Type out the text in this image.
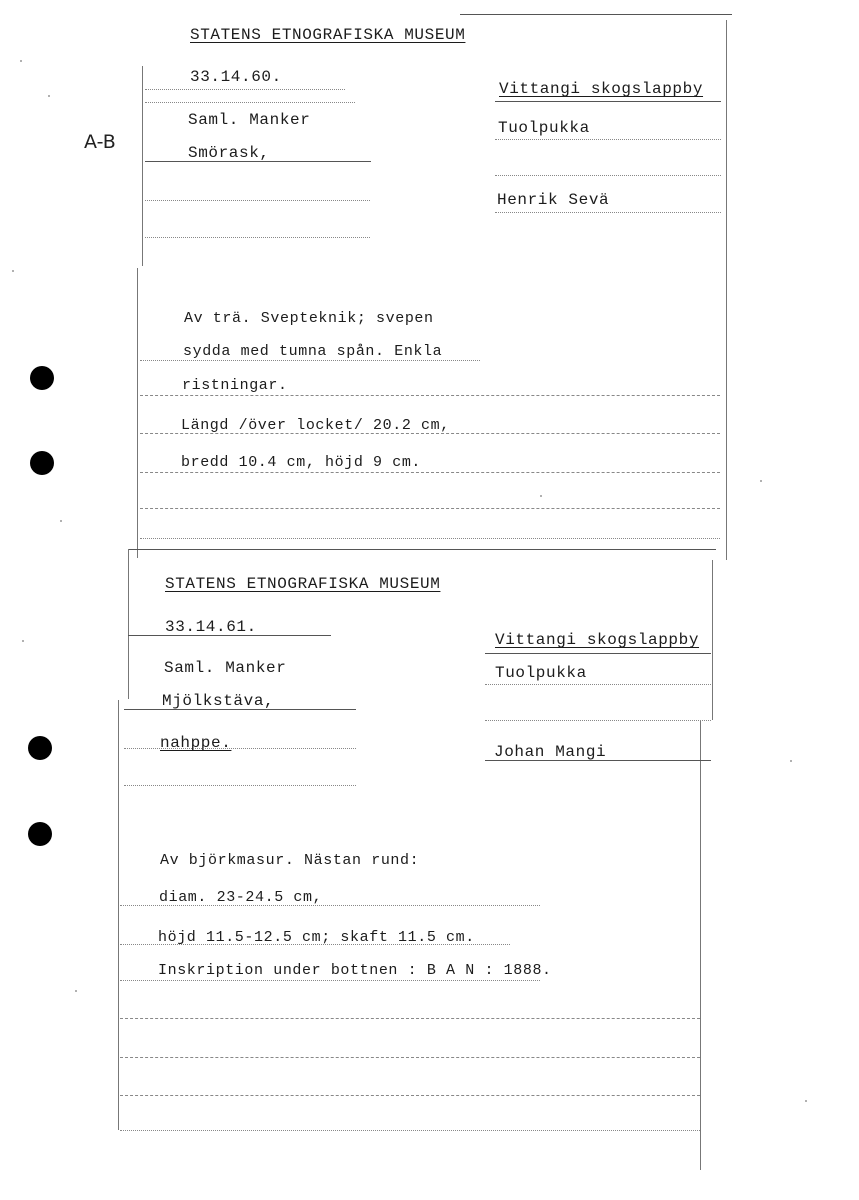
A-B
STATENS ETNOGRAFISKA MUSEUM
33.14.60.
Saml. Manker
Smörask,
Vittangi skogslappby
Tuolpukka
Henrik Sevä
Av trä. Svepteknik; svepen
sydda med tumna spån. Enkla
ristningar.
Längd /över locket/ 20.2 cm,
bredd 10.4 cm, höjd 9 cm.
STATENS ETNOGRAFISKA MUSEUM
33.14.61.
Saml. Manker
Mjölkstäva,
nahppe.
Vittangi skogslappby
Tuolpukka
Johan Mangi
Av björkmasur. Nästan rund:
diam. 23-24.5 cm,
höjd 11.5-12.5 cm; skaft 11.5 cm.
Inskription under bottnen : B A N : 1888.
